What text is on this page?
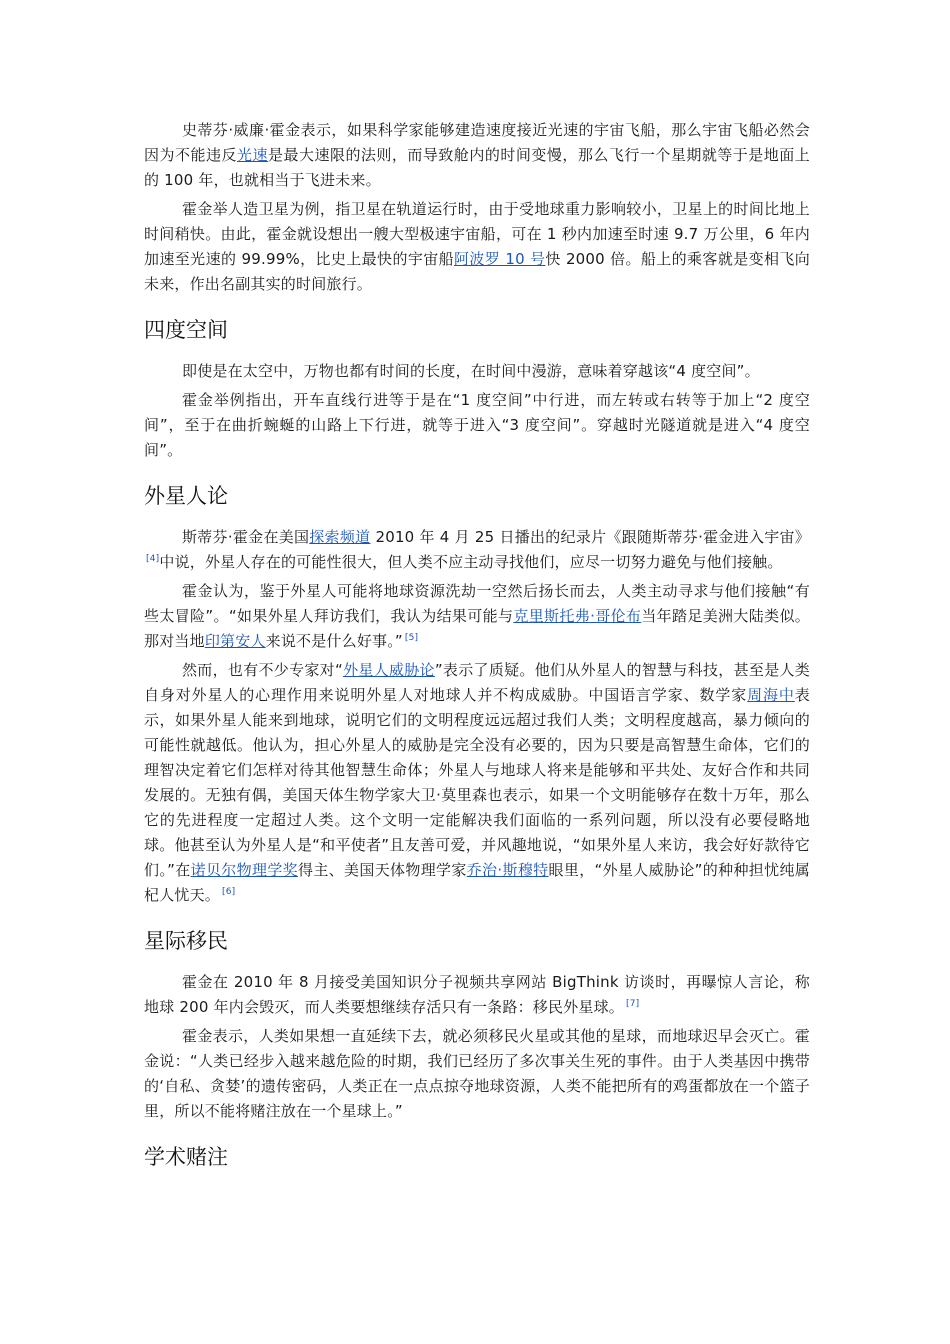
史蒂芬·威廉·霍金表示，如果科学家能够建造速度接近光速的宇宙飞船，那么宇宙飞船必然会因为不能违反光速是最大速限的法则，而导致舱内的时间变慢，那么飞行一个星期就等于是地面上的 100 年，也就相当于飞进未来。

霍金举人造卫星为例，指卫星在轨道运行时，由于受地球重力影响较小，卫星上的时间比地上时间稍快。由此，霍金就设想出一艘大型极速宇宙船，可在 1 秒内加速至时速 9.7 万公里，6 年内加速至光速的 99.99%，比史上最快的宇宙船阿波罗 10 号快 2000 倍。船上的乘客就是变相飞向未来，作出名副其实的时间旅行。

四度空间

即使是在太空中，万物也都有时间的长度，在时间中漫游，意味着穿越该“4 度空间”。

霍金举例指出，开车直线行进等于是在“1 度空间”中行进，而左转或右转等于加上“2 度空间”，至于在曲折蜿蜒的山路上下行进，就等于进入“3 度空间”。穿越时光隧道就是进入“4 度空间”。

外星人论

斯蒂芬·霍金在美国探索频道 2010 年 4 月 25 日播出的纪录片《跟随斯蒂芬·霍金进入宇宙》[4]中说，外星人存在的可能性很大，但人类不应主动寻找他们，应尽一切努力避免与他们接触。

霍金认为，鉴于外星人可能将地球资源洗劫一空然后扬长而去，人类主动寻求与他们接触“有些太冒险”。“如果外星人拜访我们，我认为结果可能与克里斯托弗·哥伦布当年踏足美洲大陆类似。那对当地印第安人来说不是什么好事。” [5]

然而，也有不少专家对“外星人威胁论”表示了质疑。他们从外星人的智慧与科技，甚至是人类自身对外星人的心理作用来说明外星人对地球人并不构成威胁。中国语言学家、数学家周海中表示，如果外星人能来到地球，说明它们的文明程度远远超过我们人类；文明程度越高，暴力倾向的可能性就越低。他认为，担心外星人的威胁是完全没有必要的，因为只要是高智慧生命体，它们的理智决定着它们怎样对待其他智慧生命体；外星人与地球人将来是能够和平共处、友好合作和共同发展的。无独有偶，美国天体生物学家大卫·莫里森也表示，如果一个文明能够存在数十万年，那么它的先进程度一定超过人类。这个文明一定能解决我们面临的一系列问题，所以没有必要侵略地球。他甚至认为外星人是“和平使者”且友善可爱，并风趣地说，“如果外星人来访，我会好好款待它们。”在诺贝尔物理学奖得主、美国天体物理学家乔治·斯穆特眼里，“外星人威胁论”的种种担忧纯属杞人忧天。 [6]

星际移民

霍金在 2010 年 8 月接受美国知识分子视频共享网站 BigThink 访谈时，再曝惊人言论，称地球 200 年内会毁灭，而人类要想继续存活只有一条路：移民外星球。 [7]

霍金表示，人类如果想一直延续下去，就必须移民火星或其他的星球，而地球迟早会灭亡。霍金说：“人类已经步入越来越危险的时期，我们已经历了多次事关生死的事件。由于人类基因中携带的‘自私、贪婪’的遗传密码，人类正在一点点掠夺地球资源，人类不能把所有的鸡蛋都放在一个篮子里，所以不能将赌注放在一个星球上。”

学术赌注
